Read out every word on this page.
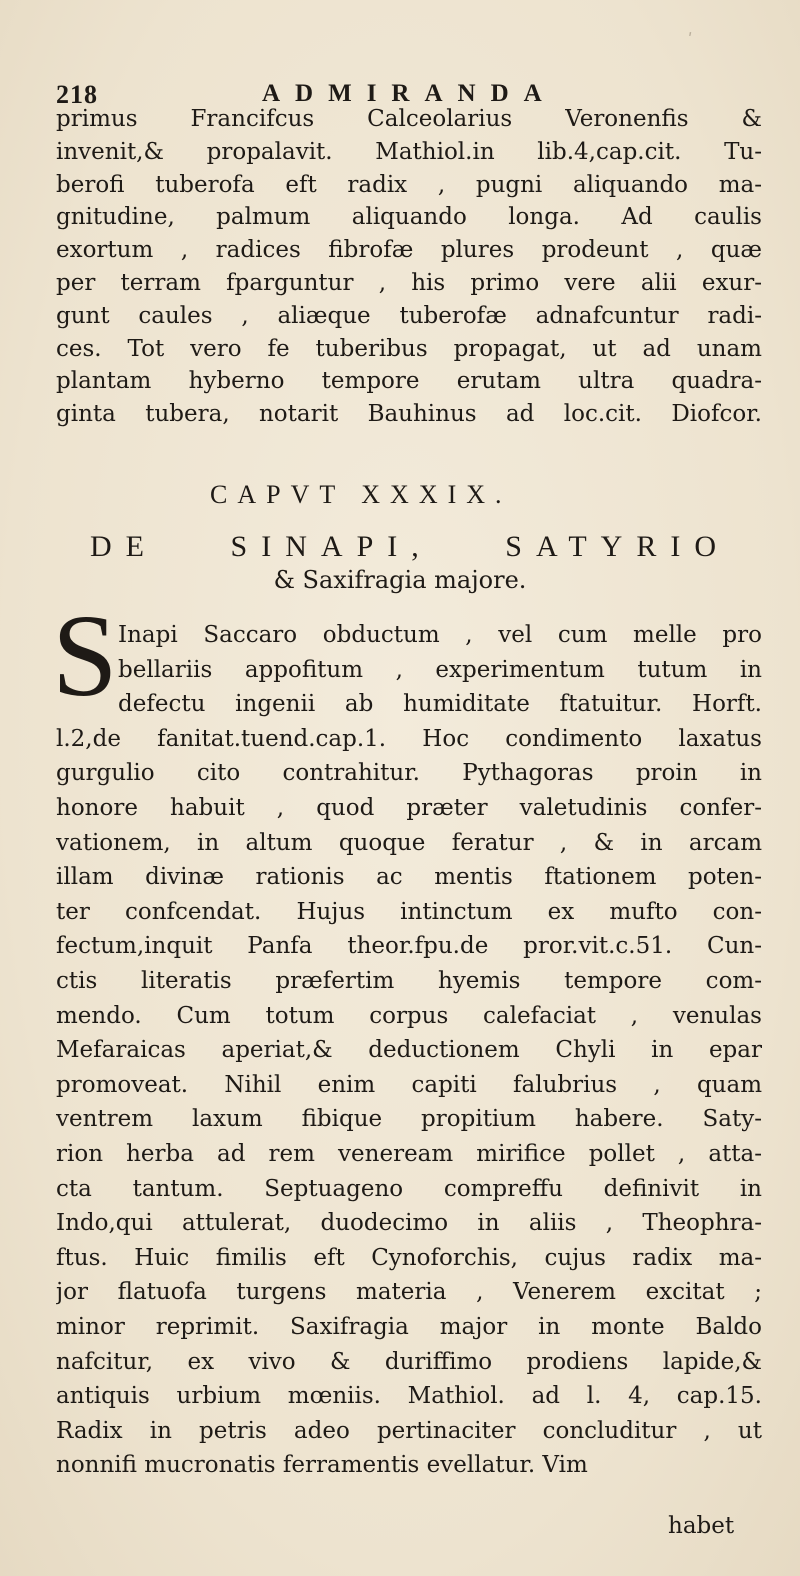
ʹ
218	ADMIRANDA
primus Francifcus Calceolarius Veronenfis &
invenit,& propalavit. Mathiol.in lib.4,cap.cit. Tu-
berofi tuberofa eft radix , pugni aliquando ma-
gnitudine, palmum aliquando longa. Ad caulis
exortum , radices fibrofæ plures prodeunt , quæ
per terram fparguntur , his primo vere alii exur-
gunt caules , aliæque tuberofæ adnafcuntur radi-
ces. Tot vero fe tuberibus propagat, ut ad unam
plantam hyberno tempore erutam ultra quadra-
ginta tubera, notarit Bauhinus ad loc.cit. Diofcor.
CAPVT XXXIX.
DE SINAPI, SATYRIO
& Saxifragia majore.
S Inapi Saccaro obductum , vel cum melle pro
bellariis appofitum , experimentum tutum in
defectu ingenii ab humiditate ftatuitur. Horft.
l.2,de fanitat.tuend.cap.1. Hoc condimento laxatus
gurgulio cito contrahitur. Pythagoras proin in
honore habuit , quod præter valetudinis confer-
vationem, in altum quoque feratur , & in arcam
illam divinæ rationis ac mentis ftationem poten-
ter confcendat. Hujus intinctum ex mufto con-
fectum,inquit Panfa theor.fpu.de pror.vit.c.51. Cun-
ctis literatis præfertim hyemis tempore com-
mendo. Cum totum corpus calefaciat , venulas
Mefaraicas aperiat,& deductionem Chyli in epar
promoveat. Nihil enim capiti falubrius , quam
ventrem laxum fibique propitium habere. Saty-
rion herba ad rem veneream mirifice pollet , atta-
cta tantum. Septuageno compreffu definivit in
Indo,qui attulerat, duodecimo in aliis , Theophra-
ftus. Huic fimilis eft Cynoforchis, cujus radix ma-
jor flatuofa turgens materia , Venerem excitat ;
minor reprimit. Saxifragia major in monte Baldo
nafcitur, ex vivo & duriffimo prodiens lapide,&
antiquis urbium mœniis. Mathiol. ad l. 4, cap.15.
Radix in petris adeo pertinaciter concluditur , ut
nonnifi mucronatis ferramentis evellatur. Vim
habet
